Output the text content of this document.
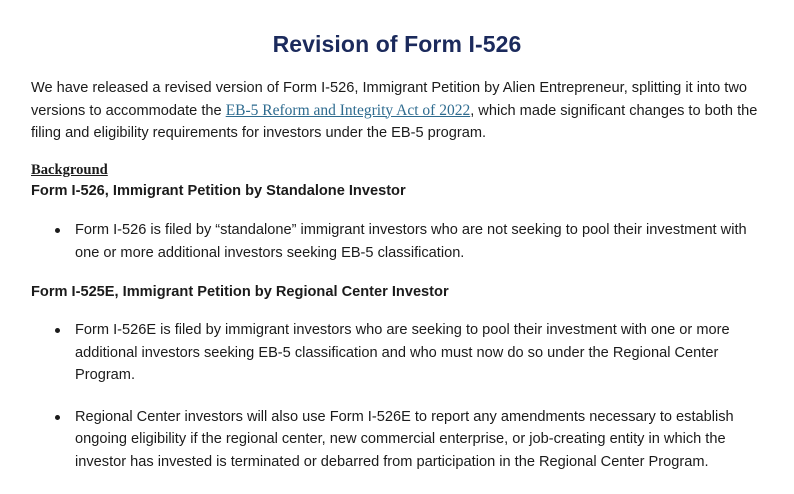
Revision of Form I-526

We have released a revised version of Form I-526, Immigrant Petition by Alien Entrepreneur, splitting it into two versions to accommodate the EB-5 Reform and Integrity Act of 2022, which made significant changes to both the filing and eligibility requirements for investors under the EB-5 program.

Background
Form I-526, Immigrant Petition by Standalone Investor
Form I-526 is filed by “standalone” immigrant investors who are not seeking to pool their investment with one or more additional investors seeking EB-5 classification.
Form I-525E, Immigrant Petition by Regional Center Investor
Form I-526E is filed by immigrant investors who are seeking to pool their investment with one or more additional investors seeking EB-5 classification and who must now do so under the Regional Center Program.
Regional Center investors will also use Form I-526E to report any amendments necessary to establish ongoing eligibility if the regional center, new commercial enterprise, or job-creating entity in which the investor has invested is terminated or debarred from participation in the Regional Center Program.
